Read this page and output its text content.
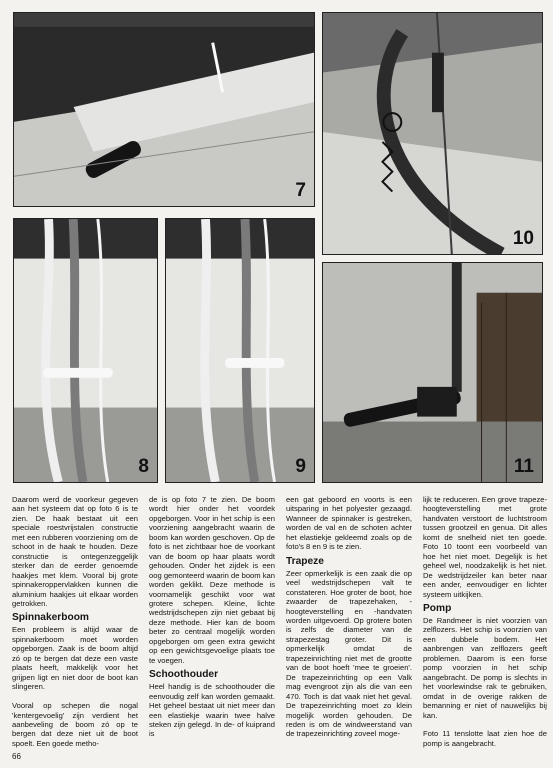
7
10
8	9	11

Daarom werd de voorkeur gegeven aan het systeem dat op foto 6 is te zien. De haak bestaat uit een speciale roestvrijstalen constructie met een rubberen voorziening om de schoot in de haak te houden. Deze constructie is ontegenzeggelijk sterker dan de eerder genoemde haakjes met klem. Vooral bij grote spinnakeroppervlakken kunnen die aluminium haakjes uit elkaar worden getrokken.

Spinnakerboom

Een probleem is altijd waar de spinnakerboom moet worden opgeborgen. Zaak is de boom altijd zó op te bergen dat deze een vaste plaats heeft, makkelijk voor het grijpen ligt en niet door de boot kan slingeren.

Vooral op schepen die nogal 'kentergevoelig' zijn verdient het aanbeveling de boom zó op te bergen dat deze niet uit de boot spoelt. Een goede metho-

de is op foto 7 te zien. De boom wordt hier onder het voordek opgeborgen. Voor in het schip is een voorziening aangebracht waarin de boom kan worden geschoven. Op de foto is net zichtbaar hoe de voorkant van de boom op haar plaats wordt gehouden. Onder het zijdek is een oog gemonteerd waarin de boom kan worden geklikt. Deze methode is voornamelijk geschikt voor wat grotere schepen. Kleine, lichte wedstrijdschepen zijn niet gebaat bij deze methode. Hier kan de boom beter zo centraal mogelijk worden opgeborgen om geen extra gewicht op een gewichtsgevoelige plaats toe te voegen.

Schoothouder

Heel handig is de schoothouder die eenvoudig zelf kan worden gemaakt. Het geheel bestaat uit niet meer dan een elastiekje waarin twee halve steken zijn gelegd. In de- of kuiprand is

een gat geboord en voorts is een uitsparing in het polyester gezaagd. Wanneer de spinnaker is gestreken, worden de val en de schoten achter het elastiekje gekleemd zoals op de foto's 8 en 9 is te zien.

Trapeze

Zeer opmerkelijk is een zaak die op veel wedstrijdschepen valt te constateren. Hoe groter de boot, hoe zwaarder de trapezehaken, -hoogteverstelling en -handvaten worden uitgevoerd. Op grotere boten is zelfs de diameter van de strapezestag groter. Dit is opmerkelijk omdat de trapezeinrichting niet met de grootte van de boot hoeft 'mee te groeien'. De trapezeinrichting op een Valk mag evengroot zijn als die van een 470. Toch is dat vaak niet het geval. De trapezeinrichting moet zo klein mogelijk worden gehouden. De reden is om de windweerstand van de trapezeinrichting zoveel moge-

lijk te reduceren. Een grove trapeze-hoogteverstelling met grote handvaten verstoort de luchtstroom tussen grootzeil en genua. Dit alles komt de snelheid niet ten goede. Foto 10 toont een voorbeeld van hoe het niet moet. Degelijk is het geheel wel, noodzakelijk is het niet. De wedstrijdzeiler kan beter naar een ander, eenvoudiger en lichter systeem uitkijken.

Pomp

De Randmeer is niet voorzien van zelflozers. Het schip is voorzien van een dubbele bodem. Het aanbrengen van zelflozers geeft problemen. Daarom is een forse pomp voorzien in het schip aangebracht. De pomp is slechts in het voorlewindse rak te gebruiken, omdat in de overige rakken de bemanning er niet of nauwelijks bij kan.

Foto 11 tenslotte laat zien hoe de pomp is aangebracht.

66
